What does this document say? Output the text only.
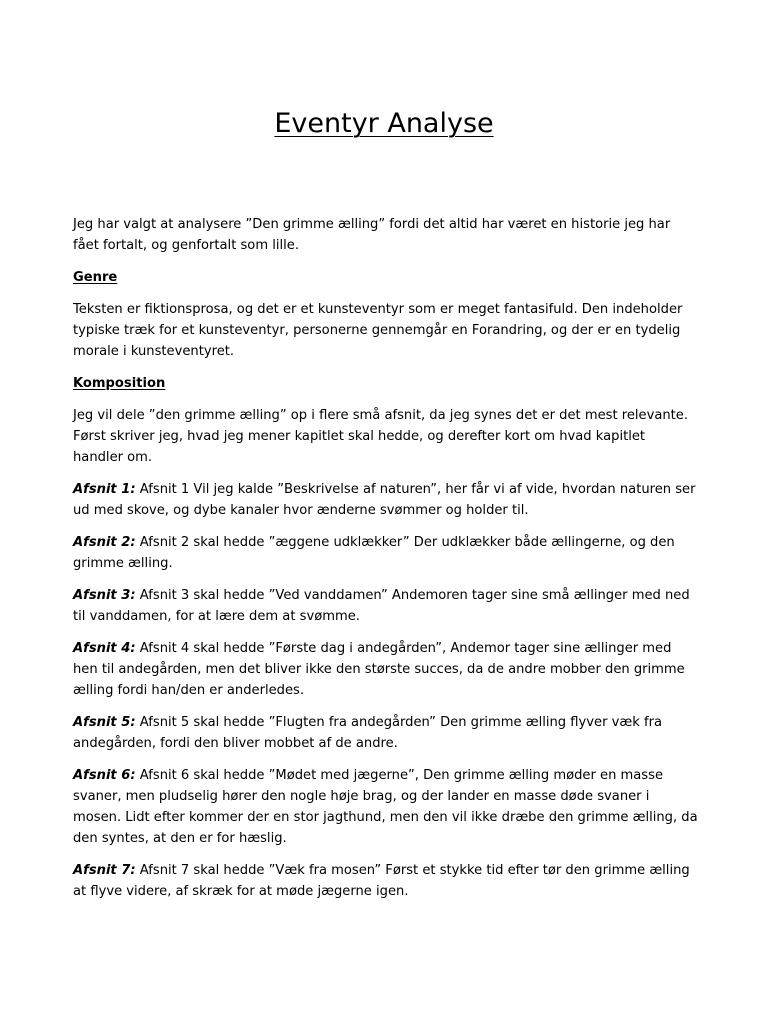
Eventyr Analyse

Jeg har valgt at analysere ”Den grimme ælling” fordi det altid har været en historie jeg har fået fortalt, og genfortalt som lille.

Genre

Teksten er fiktionsprosa, og det er et kunsteventyr som er meget fantasifuld. Den indeholder typiske træk for et kunsteventyr, personerne gennemgår en Forandring, og der er en tydelig morale i kunsteventyret.

Komposition

Jeg vil dele ”den grimme ælling” op i flere små afsnit, da jeg synes det er det mest relevante. Først skriver jeg, hvad jeg mener kapitlet skal hedde, og derefter kort om hvad kapitlet handler om.

Afsnit 1: Afsnit 1 Vil jeg kalde ”Beskrivelse af naturen”, her får vi af vide, hvordan naturen ser ud med skove, og dybe kanaler hvor ænderne svømmer og holder til.

Afsnit 2: Afsnit 2 skal hedde ”æggene udklækker” Der udklækker både ællingerne, og den grimme ælling.

Afsnit 3: Afsnit 3 skal hedde ”Ved vanddamen” Andemoren tager sine små ællinger med ned til vanddamen, for at lære dem at svømme.

Afsnit 4: Afsnit 4 skal hedde ”Første dag i andegården”, Andemor tager sine ællinger med hen til andegården, men det bliver ikke den største succes, da de andre mobber den grimme ælling fordi han/den er anderledes.

Afsnit 5: Afsnit 5 skal hedde ”Flugten fra andegården” Den grimme ælling flyver væk fra andegården, fordi den bliver mobbet af de andre.

Afsnit 6: Afsnit 6 skal hedde ”Mødet med jægerne”, Den grimme ælling møder en masse svaner, men pludselig hører den nogle høje brag, og der lander en masse døde svaner i mosen. Lidt efter kommer der en stor jagthund, men den vil ikke dræbe den grimme ælling, da den syntes, at den er for hæslig.

Afsnit 7: Afsnit 7 skal hedde ”Væk fra mosen” Først et stykke tid efter tør den grimme ælling at flyve videre, af skræk for at møde jægerne igen.
